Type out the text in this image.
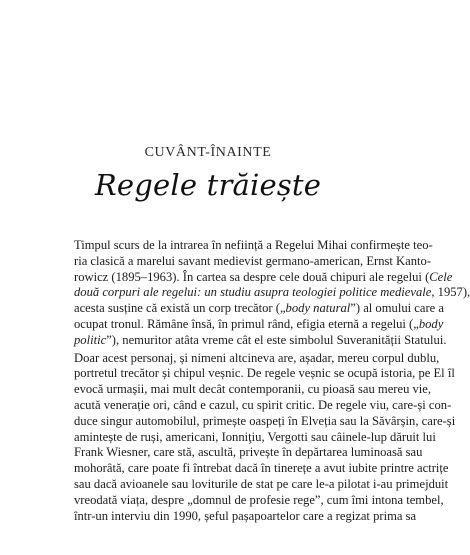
CUVÂNT-ÎNAINTE
Regele trăiește

Timpul scurs de la intrarea în neființă a Regelui Mihai confirmește teo-
ria clasică a marelui savant medievist germano-american, Ernst Kanto-
rowicz (1895–1963). În cartea sa despre cele două chipuri ale regelui (Cele
două corpuri ale regelui: un studiu asupra teologiei politice medievale, 1957),
acesta susține că există un corp trecător („body natural”) al omului care a
ocupat tronul. Rămâne însă, în primul rând, efigia eternă a regelui („body
politic”), nemuritor atâta vreme cât el este simbolul Suveranității Statului.

Doar acest personaj, și nimeni altcineva are, așadar, mereu corpul dublu,
portretul trecător și chipul veșnic. De regele veșnic se ocupă istoria, pe El îl
evocă urmașii, mai mult decât contemporanii, cu pioasă sau mereu vie,
acută venerație ori, când e cazul, cu spirit critic. De regele viu, care-și con-
duce singur automobilul, primește oaspeți în Elveția sau la Săvârșin, care-și
amintește de ruși, americani, Ionniţiu, Vergotti sau câinele-lup dăruit lui
Frank Wiesner, care stă, ascultă, privește în depărtarea luminoasă sau
mohorâtă, care poate fi întrebat dacă în tinerețe a avut iubite printre actrițe
sau dacă avioanele sau loviturile de stat pe care le-a pilotat i-au primejduit
vreodată viața, despre „domnul de profesie rege”, cum îmi intona tembel,
într-un interviu din 1990, șeful pașapoartelor care a regizat prima sa
